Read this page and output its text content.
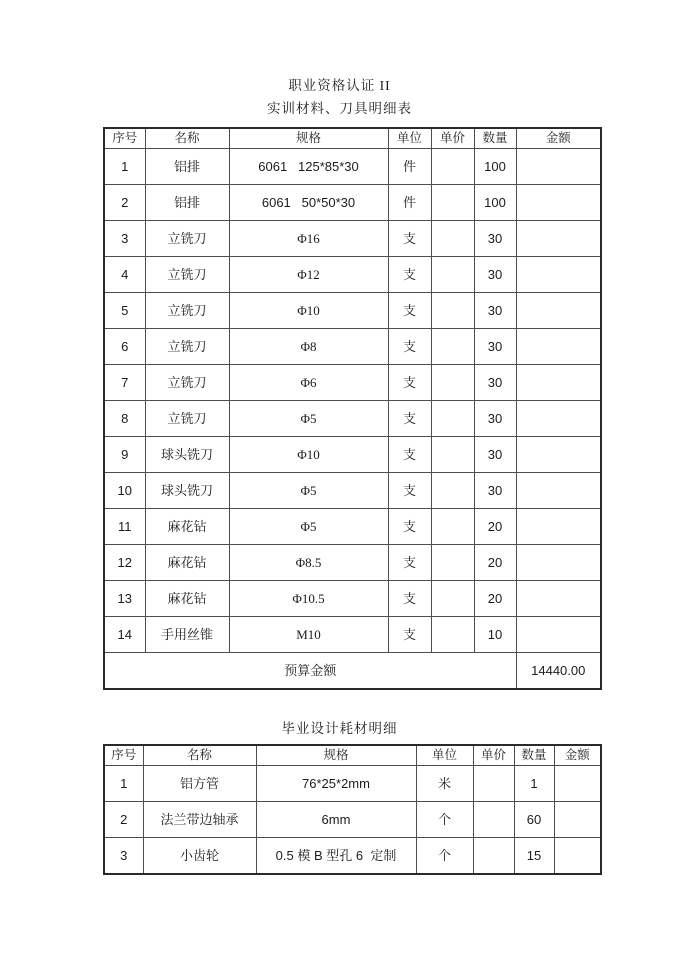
职业资格认证 II
实训材料、刀具明细表
序号	名称	规格	单位	单价	数量	金额
1	铝排	6061   125*85*30	件		100	
2	铝排	6061   50*50*30	件		100	
3	立铣刀	Φ16	支		30	
4	立铣刀	Φ12	支		30	
5	立铣刀	Φ10	支		30	
6	立铣刀	Φ8	支		30	
7	立铣刀	Φ6	支		30	
8	立铣刀	Φ5	支		30	
9	球头铣刀	Φ10	支		30	
10	球头铣刀	Φ5	支		30	
11	麻花钻	Φ5	支		20	
12	麻花钻	Φ8.5	支		20	
13	麻花钻	Φ10.5	支		20	
14	手用丝锥	M10	支		10	
预算金额						14440.00
毕业设计耗材明细
序号	名称	规格	单位	单价	数量	金额
1	铝方管	76*25*2mm	米		1	
2	法兰带边轴承	6mm	个		60	
3	小齿轮	0.5 模 B 型孔 6  定制	个		15	
